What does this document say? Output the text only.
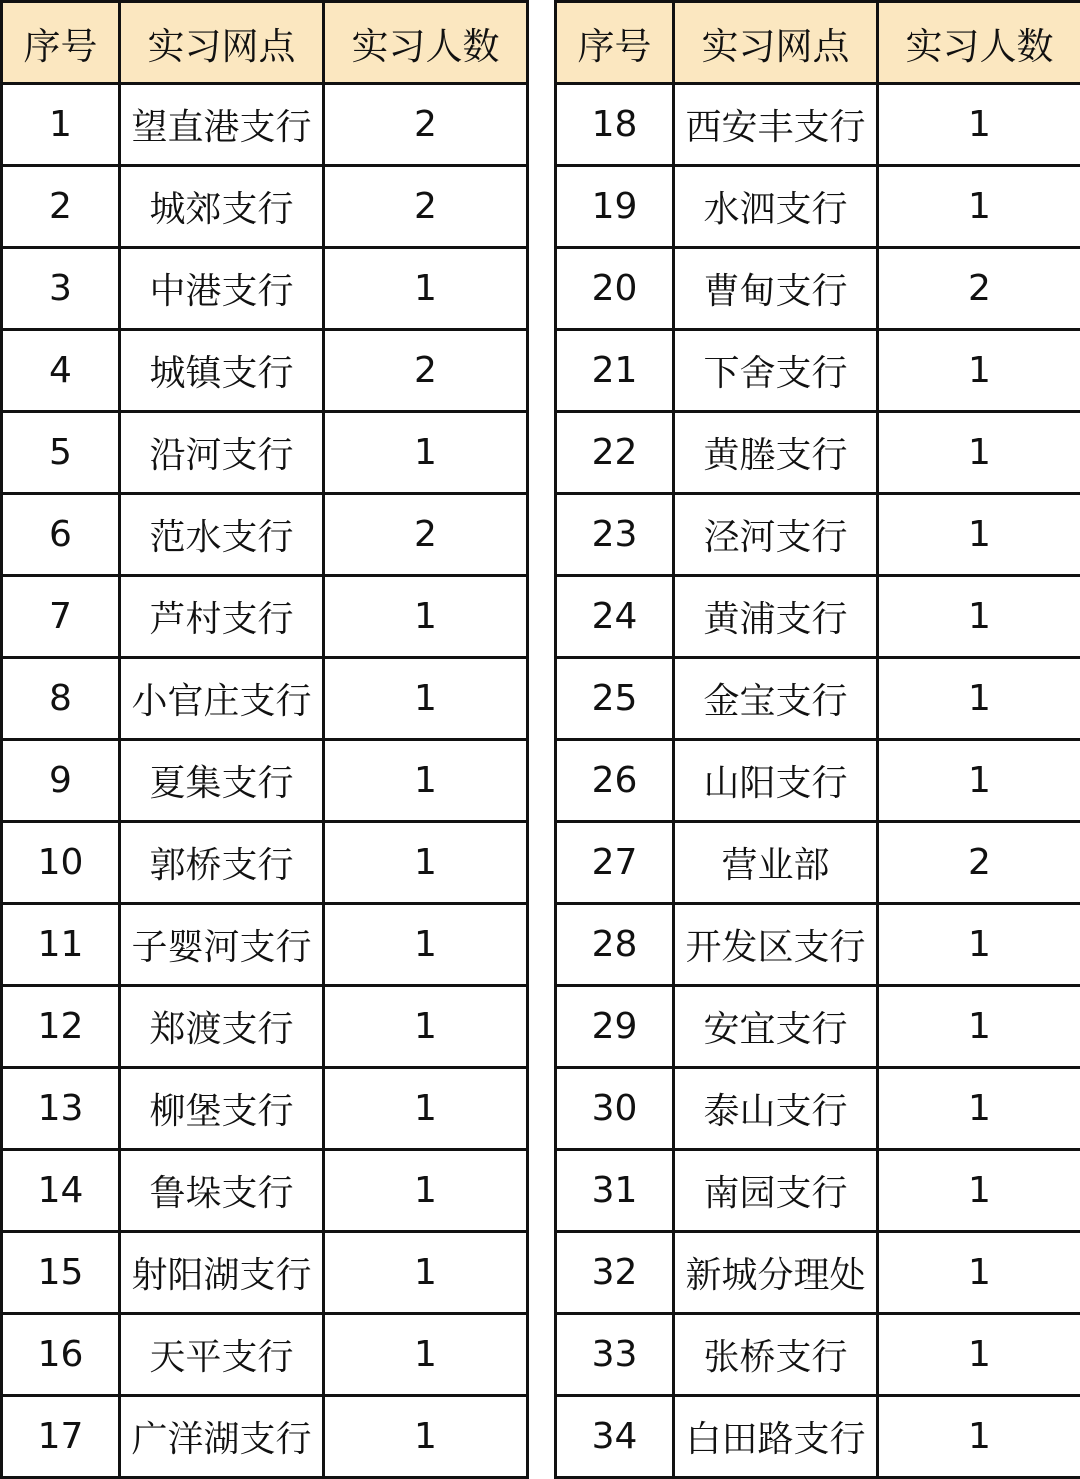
序号	实习网点	实习人数
1	望直港支行	2
2	城郊支行	2
3	中港支行	1
4	城镇支行	2
5	沿河支行	1
6	范水支行	2
7	芦村支行	1
8	小官庄支行	1
9	夏集支行	1
10	郭桥支行	1
11	子婴河支行	1
12	郑渡支行	1
13	柳堡支行	1
14	鲁垛支行	1
15	射阳湖支行	1
16	天平支行	1
17	广洋湖支行	1
序号	实习网点	实习人数
18	西安丰支行	1
19	水泗支行	1
20	曹甸支行	2
21	下舍支行	1
22	黄塍支行	1
23	泾河支行	1
24	黄浦支行	1
25	金宝支行	1
26	山阳支行	1
27	营业部	2
28	开发区支行	1
29	安宜支行	1
30	泰山支行	1
31	南园支行	1
32	新城分理处	1
33	张桥支行	1
34	白田路支行	1
